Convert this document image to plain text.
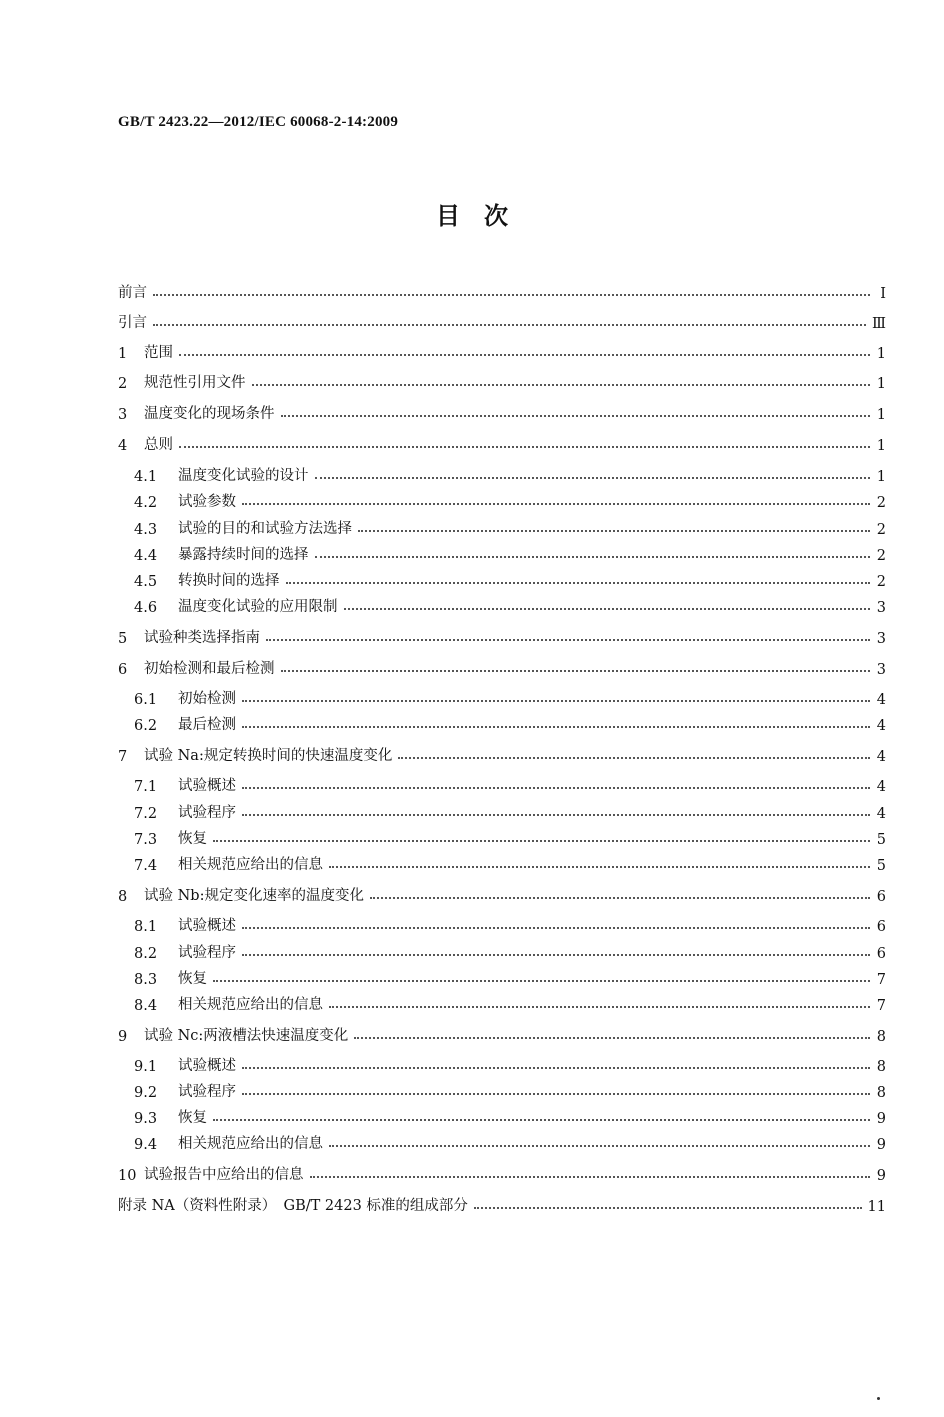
GB/T 2423.22—2012/IEC 60068-2-14:2009
目　次
前言	Ⅰ
引言	Ⅲ
1	范围	1
2	规范性引用文件	1
3	温度变化的现场条件	1
4	总则	1
4.1	温度变化试验的设计	1
4.2	试验参数	2
4.3	试验的目的和试验方法选择	2
4.4	暴露持续时间的选择	2
4.5	转换时间的选择	2
4.6	温度变化试验的应用限制	3
5	试验种类选择指南	3
6	初始检测和最后检测	3
6.1	初始检测	4
6.2	最后检测	4
7	试验 Na:规定转换时间的快速温度变化	4
7.1	试验概述	4
7.2	试验程序	4
7.3	恢复	5
7.4	相关规范应给出的信息	5
8	试验 Nb:规定变化速率的温度变化	6
8.1	试验概述	6
8.2	试验程序	6
8.3	恢复	7
8.4	相关规范应给出的信息	7
9	试验 Nc:两液槽法快速温度变化	8
9.1	试验概述	8
9.2	试验程序	8
9.3	恢复	9
9.4	相关规范应给出的信息	9
10 试验报告中应给出的信息	9
附录 NA（资料性附录）　GB/T 2423 标准的组成部分	11
